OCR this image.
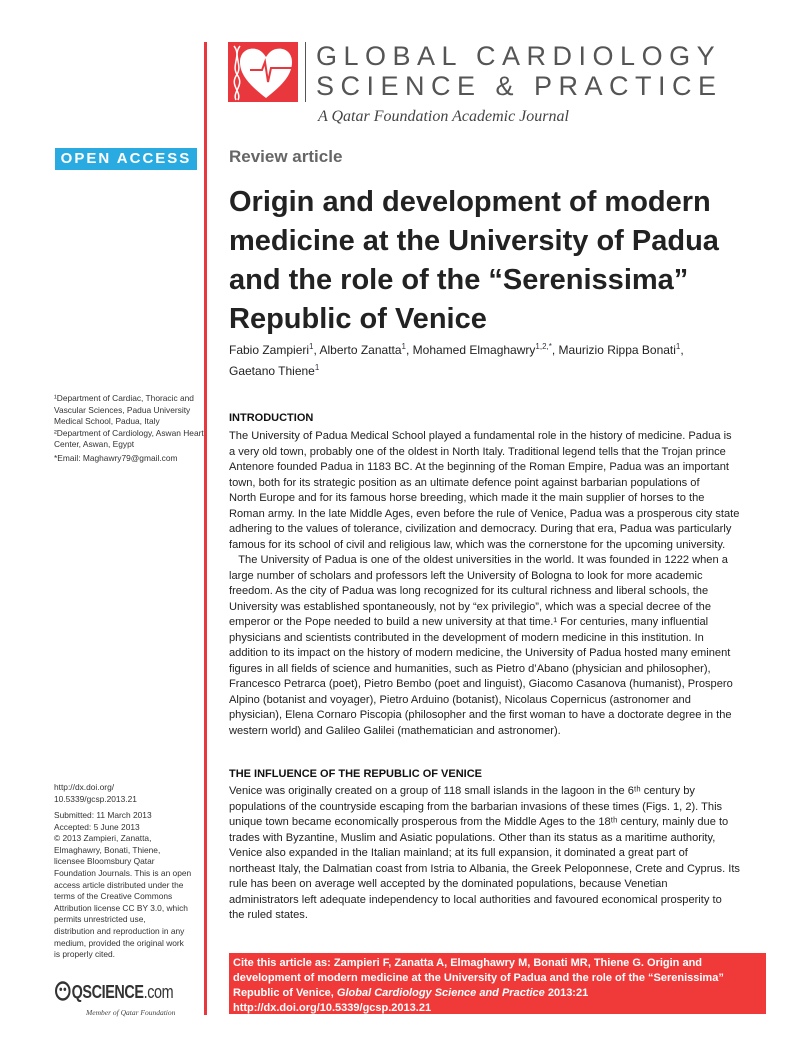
GLOBAL CARDIOLOGY
SCIENCE & PRACTICE
A Qatar Foundation Academic Journal
OPEN ACCESS	Review article
Origin and development of modern
medicine at the University of Padua
and the role of the “Serenissima”
Republic of Venice
Fabio Zampieri$^1$, Alberto Zanatta$^1$, Mohamed Elmaghawry$^{1,2,*}$, Maurizio Rippa Bonati$^1$,
Gaetano Thiene$^1$
¹Department of Cardiac, Thoracic and
Vascular Sciences, Padua University
Medical School, Padua, Italy
²Department of Cardiology, Aswan Heart
Center, Aswan, Egypt
*Email: Maghawry79@gmail.com
http://dx.doi.org/
10.5339/gcsp.2013.21
Submitted: 11 March 2013
Accepted: 5 June 2013
© 2013 Zampieri, Zanatta,
Elmaghawry, Bonati, Thiene,
licensee Bloomsbury Qatar
Foundation Journals. This is an open
access article distributed under the
terms of the Creative Commons
Attribution license CC BY 3.0, which
permits unrestricted use,
distribution and reproduction in any
medium, provided the original work
is properly cited.
QSCIENCE.com
Member of Qatar Foundation
INTRODUCTION
The University of Padua Medical School played a fundamental role in the history of medicine. Padua is
a very old town, probably one of the oldest in North Italy. Traditional legend tells that the Trojan prince
Antenore founded Padua in 1183 BC. At the beginning of the Roman Empire, Padua was an important
town, both for its strategic position as an ultimate defence point against barbarian populations of
North Europe and for its famous horse breeding, which made it the main supplier of horses to the
Roman army. In the late Middle Ages, even before the rule of Venice, Padua was a prosperous city state
adhering to the values of tolerance, civilization and democracy. During that era, Padua was particularly
famous for its school of civil and religious law, which was the cornerstone for the upcoming university.
The University of Padua is one of the oldest universities in the world. It was founded in 1222 when a
large number of scholars and professors left the University of Bologna to look for more academic
freedom. As the city of Padua was long recognized for its cultural richness and liberal schools, the
University was established spontaneously, not by “ex privilegio”, which was a special decree of the
emperor or the Pope needed to build a new university at that time.¹ For centuries, many influential
physicians and scientists contributed in the development of modern medicine in this institution. In
addition to its impact on the history of modern medicine, the University of Padua hosted many eminent
figures in all fields of science and humanities, such as Pietro d’Abano (physician and philosopher),
Francesco Petrarca (poet), Pietro Bembo (poet and linguist), Giacomo Casanova (humanist), Prospero
Alpino (botanist and voyager), Pietro Arduino (botanist), Nicolaus Copernicus (astronomer and
physician), Elena Cornaro Piscopia (philosopher and the first woman to have a doctorate degree in the
western world) and Galileo Galilei (mathematician and astronomer).
THE INFLUENCE OF THE REPUBLIC OF VENICE
Venice was originally created on a group of 118 small islands in the lagoon in the 6ᵗʰ century by
populations of the countryside escaping from the barbarian invasions of these times (Figs. 1, 2). This
unique town became economically prosperous from the Middle Ages to the 18ᵗʰ century, mainly due to
trades with Byzantine, Muslim and Asiatic populations. Other than its status as a maritime authority,
Venice also expanded in the Italian mainland; at its full expansion, it dominated a great part of
northeast Italy, the Dalmatian coast from Istria to Albania, the Greek Peloponnese, Crete and Cyprus. Its
rule has been on average well accepted by the dominated populations, because Venetian
administrators left adequate independency to local authorities and favoured economical prosperity to
the ruled states.
Cite this article as: Zampieri F, Zanatta A, Elmaghawry M, Bonati MR, Thiene G. Origin and
development of modern medicine at the University of Padua and the role of the “Serenissima”
Republic of Venice, Global Cardiology Science and Practice 2013:21
http://dx.doi.org/10.5339/gcsp.2013.21
